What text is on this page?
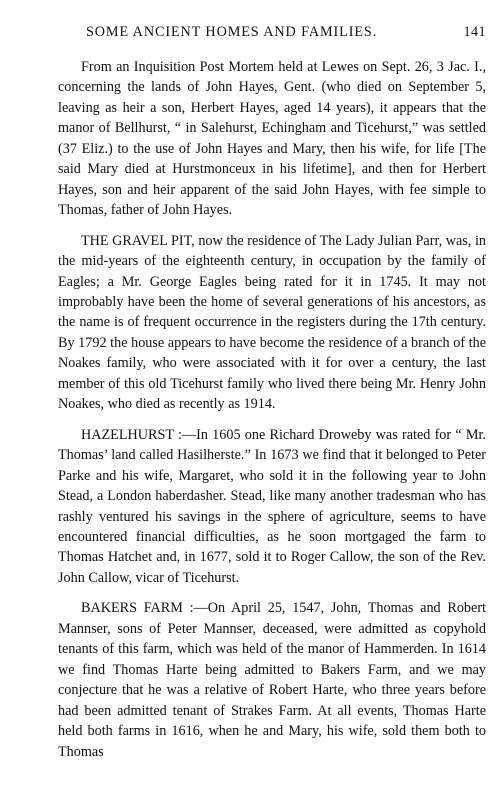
SOME ANCIENT HOMES AND FAMILIES.	141

From an Inquisition Post Mortem held at Lewes on Sept. 26, 3 Jac. I., concerning the lands of John Hayes, Gent. (who died on September 5, leaving as heir a son, Herbert Hayes, aged 14 years), it appears that the manor of Bellhurst, “ in Salehurst, Echingham and Ticehurst,” was settled (37 Eliz.) to the use of John Hayes and Mary, then his wife, for life [The said Mary died at Hurstmonceux in his lifetime], and then for Herbert Hayes, son and heir apparent of the said John Hayes, with fee simple to Thomas, father of John Hayes.

THE GRAVEL PIT, now the residence of The Lady Julian Parr, was, in the mid-years of the eighteenth century, in occupation by the family of Eagles; a Mr. George Eagles being rated for it in 1745. It may not improbably have been the home of several generations of his ancestors, as the name is of frequent occurrence in the registers during the 17th century. By 1792 the house appears to have become the residence of a branch of the Noakes family, who were associated with it for over a century, the last member of this old Ticehurst family who lived there being Mr. Henry John Noakes, who died as recently as 1914.

HAZELHURST :—In 1605 one Richard Droweby was rated for “ Mr. Thomas’ land called Hasilherste.” In 1673 we find that it belonged to Peter Parke and his wife, Margaret, who sold it in the following year to John Stead, a London haberdasher. Stead, like many another tradesman who has rashly ventured his savings in the sphere of agriculture, seems to have encountered financial difficulties, as he soon mortgaged the farm to Thomas Hatchet and, in 1677, sold it to Roger Callow, the son of the Rev. John Callow, vicar of Ticehurst.

BAKERS FARM :—On April 25, 1547, John, Thomas and Robert Mannser, sons of Peter Mannser, deceased, were admitted as copyhold tenants of this farm, which was held of the manor of Hammerden. In 1614 we find Thomas Harte being admitted to Bakers Farm, and we may conjecture that he was a relative of Robert Harte, who three years before had been admitted tenant of Strakes Farm. At all events, Thomas Harte held both farms in 1616, when he and Mary, his wife, sold them both to Thomas
